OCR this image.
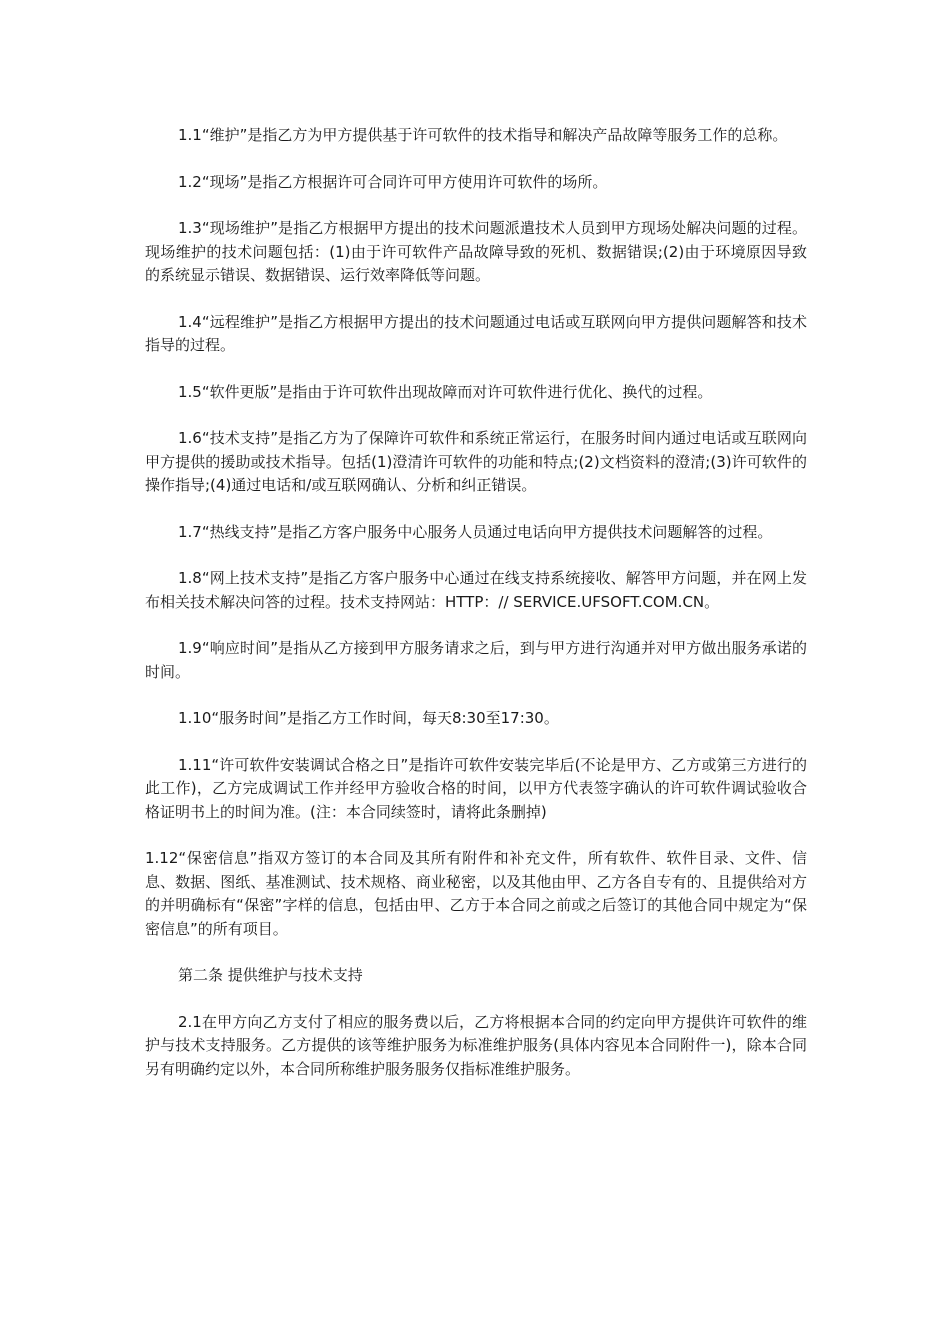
1.1“维护”是指乙方为甲方提供基于许可软件的技术指导和解决产品故障等服务工作的总称。

1.2“现场”是指乙方根据许可合同许可甲方使用许可软件的场所。

1.3“现场维护”是指乙方根据甲方提出的技术问题派遣技术人员到甲方现场处解决问题的过程。现场维护的技术问题包括：(1)由于许可软件产品故障导致的死机、数据错误;(2)由于环境原因导致的系统显示错误、数据错误、运行效率降低等问题。

1.4“远程维护”是指乙方根据甲方提出的技术问题通过电话或互联网向甲方提供问题解答和技术指导的过程。

1.5“软件更版”是指由于许可软件出现故障而对许可软件进行优化、换代的过程。

1.6“技术支持”是指乙方为了保障许可软件和系统正常运行，在服务时间内通过电话或互联网向甲方提供的援助或技术指导。包括(1)澄清许可软件的功能和特点;(2)文档资料的澄清;(3)许可软件的操作指导;(4)通过电话和/或互联网确认、分析和纠正错误。

1.7“热线支持”是指乙方客户服务中心服务人员通过电话向甲方提供技术问题解答的过程。

1.8“网上技术支持”是指乙方客户服务中心通过在线支持系统接收、解答甲方问题，并在网上发布相关技术解决问答的过程。技术支持网站：HTTP：// SERVICE.UFSOFT.COM.CN。

1.9“响应时间”是指从乙方接到甲方服务请求之后，到与甲方进行沟通并对甲方做出服务承诺的时间。

1.10“服务时间”是指乙方工作时间，每天8:30至17:30。

1.11“许可软件安装调试合格之日”是指许可软件安装完毕后(不论是甲方、乙方或第三方进行的此工作)，乙方完成调试工作并经甲方验收合格的时间，以甲方代表签字确认的许可软件调试验收合格证明书上的时间为准。(注：本合同续签时，请将此条删掉)

1.12“保密信息”指双方签订的本合同及其所有附件和补充文件，所有软件、软件目录、文件、信息、数据、图纸、基准测试、技术规格、商业秘密，以及其他由甲、乙方各自专有的、且提供给对方的并明确标有“保密”字样的信息，包括由甲、乙方于本合同之前或之后签订的其他合同中规定为“保密信息”的所有项目。

第二条 提供维护与技术支持

2.1在甲方向乙方支付了相应的服务费以后，乙方将根据本合同的约定向甲方提供许可软件的维护与技术支持服务。乙方提供的该等维护服务为标准维护服务(具体内容见本合同附件一)，除本合同另有明确约定以外，本合同所称维护服务服务仅指标准维护服务。
